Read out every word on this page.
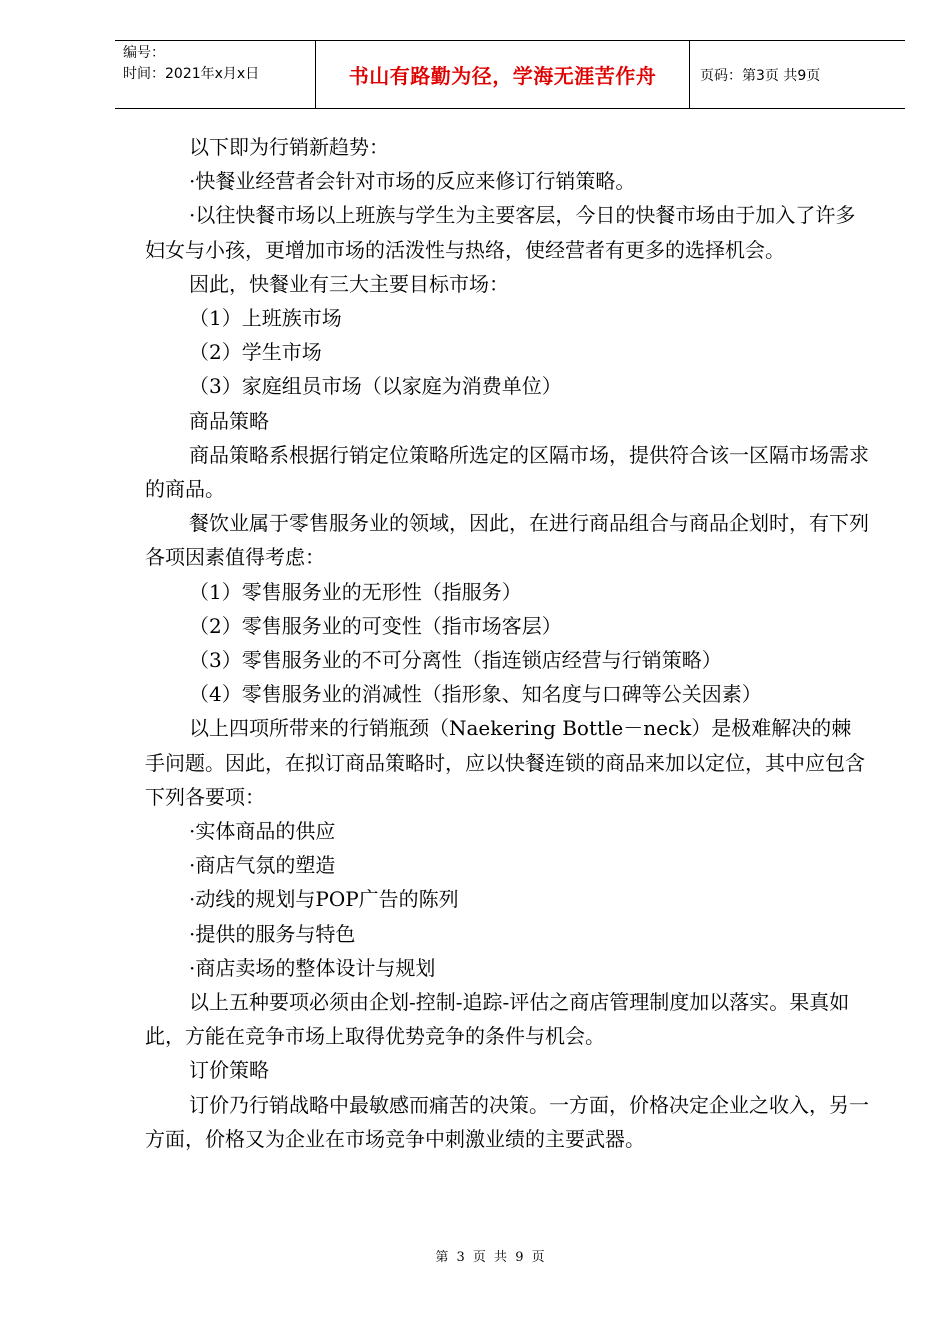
编号：
时间：2021年x月x日	书山有路勤为径，学海无涯苦作舟	页码：第3页 共9页

以下即为行销新趋势：

·快餐业经营者会针对市场的反应来修订行销策略。

·以往快餐市场以上班族与学生为主要客层，今日的快餐市场由于加入了许多妇女与小孩，更增加市场的活泼性与热络，使经营者有更多的选择机会。

因此，快餐业有三大主要目标市场：

（1）上班族市场

（2）学生市场

（3）家庭组员市场（以家庭为消费单位）

商品策略

商品策略系根据行销定位策略所选定的区隔市场，提供符合该一区隔市场需求的商品。

餐饮业属于零售服务业的领域，因此，在进行商品组合与商品企划时，有下列各项因素值得考虑：

（1）零售服务业的无形性（指服务）

（2）零售服务业的可变性（指市场客层）

（3）零售服务业的不可分离性（指连锁店经营与行销策略）

（4）零售服务业的消减性（指形象、知名度与口碑等公关因素）

以上四项所带来的行销瓶颈（Naekering Bottle－neck）是极难解决的棘手问题。因此，在拟订商品策略时，应以快餐连锁的商品来加以定位，其中应包含下列各要项：

·实体商品的供应

·商店气氛的塑造

·动线的规划与POP广告的陈列

·提供的服务与特色

·商店卖场的整体设计与规划

以上五种要项必须由企划-控制-追踪-评估之商店管理制度加以落实。果真如此，方能在竞争市场上取得优势竞争的条件与机会。

订价策略

订价乃行销战略中最敏感而痛苦的决策。一方面，价格决定企业之收入，另一方面，价格又为企业在市场竞争中刺激业绩的主要武器。

第 3 页 共 9 页
